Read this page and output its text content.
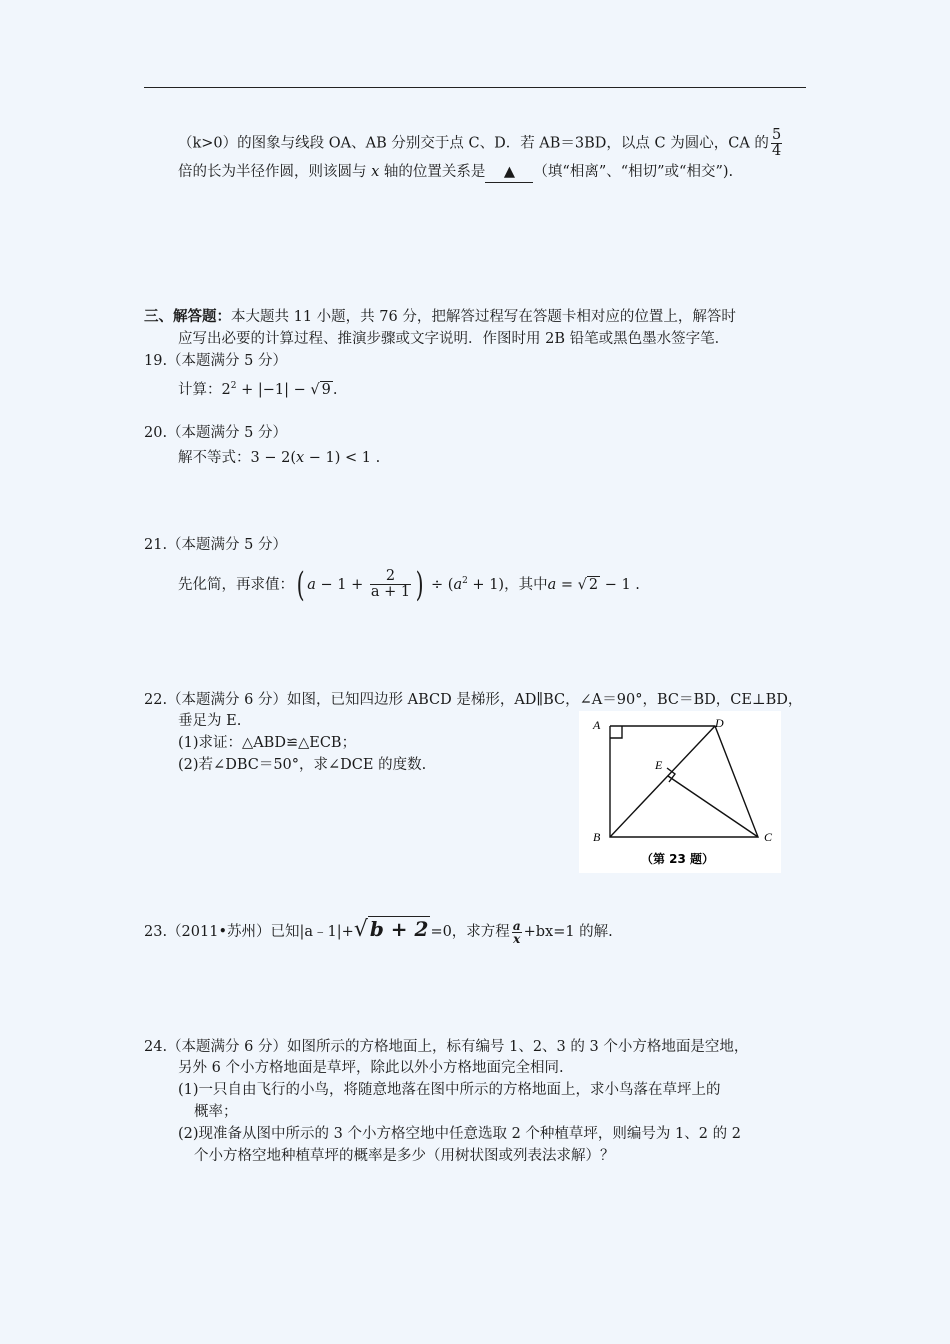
（k>0）的图象与线段 OA、AB 分别交于点 C、D．若 AB＝3BD，以点 C 为圆心，CA 的 $\frac{5}{4}$
倍的长为半径作圆，则该圆与 x 轴的位置关系是 ▲ （填“相离”、“相切”或“相交”).
三、解答题：本大题共 11 小题，共 76 分，把解答过程写在答题卡相对应的位置上，解答时
应写出必要的计算过程、推演步骤或文字说明．作图时用 2B 铅笔或黑色墨水签字笔．
19.（本题满分 5 分）
计算：$2^2 + |-1|$ − √ 9 .
20.（本题满分 5 分）
解不等式：3 − 2(x − 1) < 1 .
21.（本题满分 5 分）
先化简，再求值：( $a - 1 + \frac{2}{a + 1}$ ) ÷ $(a^2 + 1)$，其中a = √ 2 − 1 .
22.（本题满分 6 分）如图，已知四边形 ABCD 是梯形，AD∥BC，∠A＝90°，BC＝BD，CE⊥BD，
垂足为 E.
(1)求证：△ABD≌△ECB；
(2)若∠DBC＝50°，求∠DCE 的度数.
A	D
E
B	C
（第 23 题）
23.（2011•苏州）已知|a﹣1|+√ b + 2 =0，求方程 $\frac{a}{x} +bx=1$ 的解.
24.（本题满分 6 分）如图所示的方格地面上，标有编号 1、2、3 的 3 个小方格地面是空地，
另外 6 个小方格地面是草坪，除此以外小方格地面完全相同.
(1)一只自由飞行的小鸟，将随意地落在图中所示的方格地面上，求小鸟落在草坪上的
概率；
(2)现准备从图中所示的 3 个小方格空地中任意选取 2 个种植草坪，则编号为 1、2 的 2
个小方格空地种植草坪的概率是多少（用树状图或列表法求解）？
